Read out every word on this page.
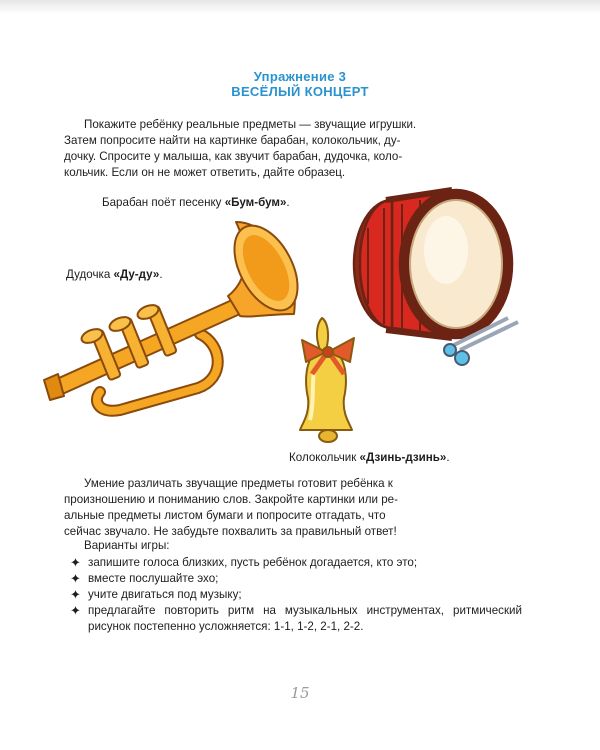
Упражнение 3
ВЕСЁЛЫЙ КОНЦЕРТ
Покажите ребёнку реальные предметы — звучащие игрушки.
Затем попросите найти на картинке барабан, колокольчик, ду-
дочку. Спросите у малыша, как звучит барабан, дудочка, коло-
кольчик. Если он не может ответить, дайте образец.
Барабан поёт песенку «Бум-бум».
Дудочка «Ду-ду».
Колокольчик «Дзинь-дзинь».
Умение различать звучащие предметы готовит ребёнка к
произношению и пониманию слов. Закройте картинки или ре-
альные предметы листом бумаги и попросите отгадать, что
сейчас звучало. Не забудьте похвалить за правильный ответ!
Варианты игры:
✦ запишите голоса близких, пусть ребёнок догадается, кто это;
✦ вместе послушайте эхо;
✦ учите двигаться под музыку;
✦ предлагайте повторить ритм на музыкальных инструментах, ритмический рисунок постепенно усложняется: 1-1, 1-2, 2-1, 2-2.
15
